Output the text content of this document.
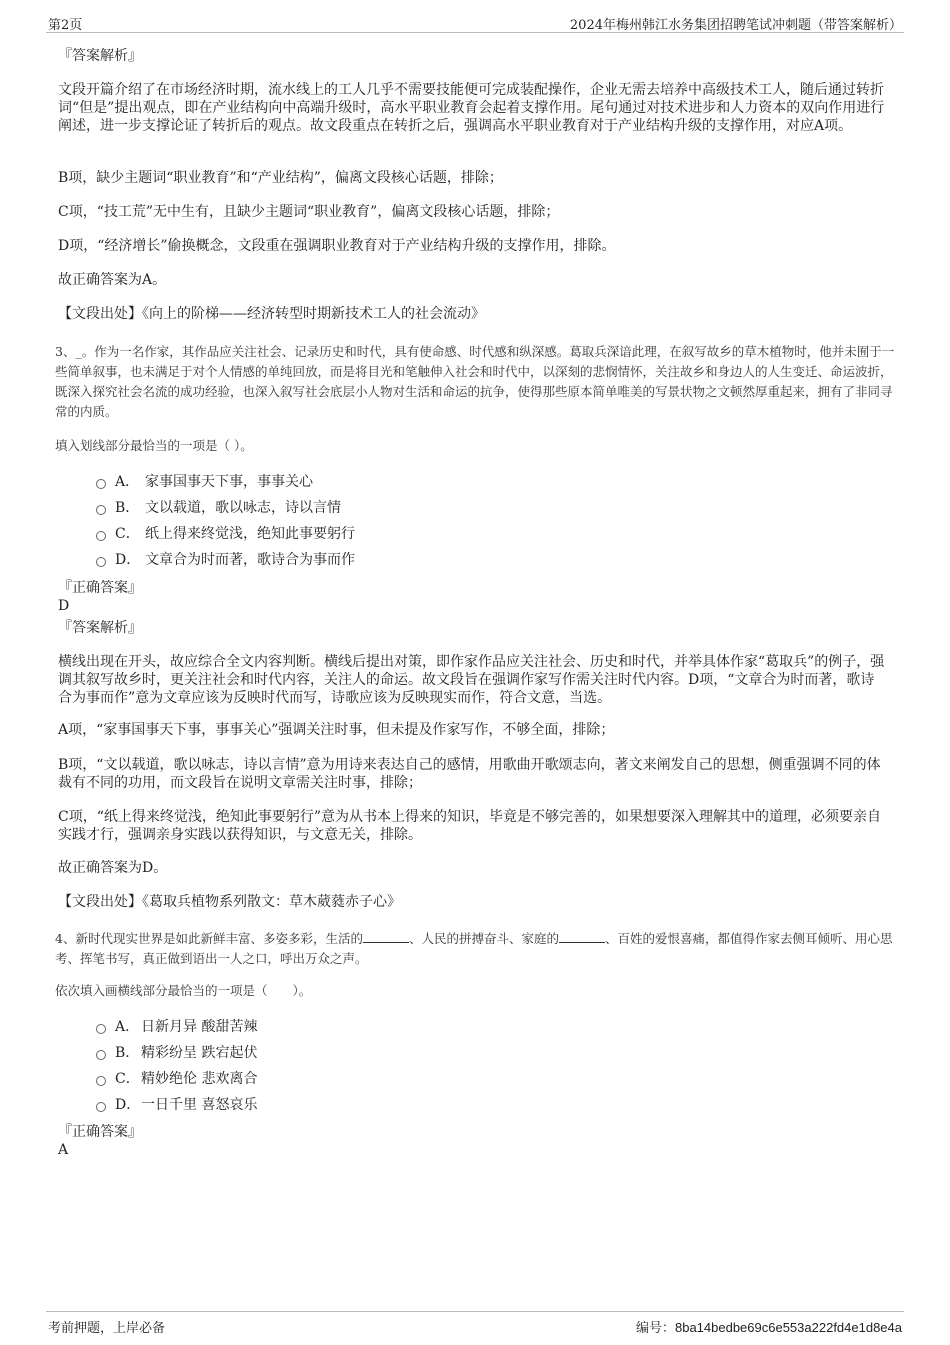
第2页	2024年梅州韩江水务集团招聘笔试冲刺题（带答案解析）
『答案解析』
文段开篇介绍了在市场经济时期，流水线上的工人几乎不需要技能便可完成装配操作，企业无需去培养中高级技术工人，随后通过转折词“但是”提出观点，即在产业结构向中高端升级时，高水平职业教育会起着支撑作用。尾句通过对技术进步和人力资本的双向作用进行阐述，进一步支撑论证了转折后的观点。故文段重点在转折之后，强调高水平职业教育对于产业结构升级的支撑作用，对应A项。
B项，缺少主题词“职业教育”和“产业结构”，偏离文段核心话题，排除；
C项，“技工荒”无中生有，且缺少主题词“职业教育”，偏离文段核心话题，排除；
D项，“经济增长”偷换概念，文段重在强调职业教育对于产业结构升级的支撑作用，排除。
故正确答案为A。
【文段出处】《向上的阶梯——经济转型时期新技术工人的社会流动》
3、_。作为一名作家，其作品应关注社会、记录历史和时代，具有使命感、时代感和纵深感。葛取兵深谙此理，在叙写故乡的草木植物时，他并未囿于一些简单叙事，也未满足于对个人情感的单纯回放，而是将目光和笔触伸入社会和时代中，以深刻的悲悯情怀，关注故乡和身边人的人生变迁、命运波折，既深入探究社会名流的成功经验，也深入叙写社会底层小人物对生活和命运的抗争，使得那些原本简单唯美的写景状物之文顿然厚重起来，拥有了非同寻常的内质。
填入划线部分最恰当的一项是（ ）。
A． 家事国事天下事，事事关心
B． 文以载道，歌以咏志，诗以言情
C． 纸上得来终觉浅，绝知此事要躬行
D． 文章合为时而著，歌诗合为事而作
『正确答案』
D
『答案解析』
横线出现在开头，故应综合全文内容判断。横线后提出对策，即作家作品应关注社会、历史和时代，并举具体作家“葛取兵”的例子，强调其叙写故乡时，更关注社会和时代内容，关注人的命运。故文段旨在强调作家写作需关注时代内容。D项，“文章合为时而著，歌诗合为事而作”意为文章应该为反映时代而写，诗歌应该为反映现实而作，符合文意，当选。
A项，“家事国事天下事，事事关心”强调关注时事，但未提及作家写作，不够全面，排除；
B项，“文以载道，歌以咏志，诗以言情”意为用诗来表达自己的感情，用歌曲开歌颂志向，著文来阐发自己的思想，侧重强调不同的体裁有不同的功用，而文段旨在说明文章需关注时事，排除；
C项，“纸上得来终觉浅，绝知此事要躬行”意为从书本上得来的知识，毕竟是不够完善的，如果想要深入理解其中的道理，必须要亲自实践才行，强调亲身实践以获得知识，与文意无关，排除。
故正确答案为D。
【文段出处】《葛取兵植物系列散文：草木葳蕤赤子心》
4、新时代现实世界是如此新鲜丰富、多姿多彩，生活的	、人民的拼搏奋斗、家庭的	、百姓的爱恨喜痛，都值得作家去侧耳倾听、用心思考、挥笔书写，真正做到语出一人之口，呼出万众之声。
依次填入画横线部分最恰当的一项是（　　）。
A． 日新月异 酸甜苦辣
B． 精彩纷呈 跌宕起伏
C．精妙绝伦 悲欢离合
D．一日千里 喜怒哀乐
『正确答案』
A
考前押题，上岸必备	编号：8ba14bedbe69c6e553a222fd4e1d8e4a
